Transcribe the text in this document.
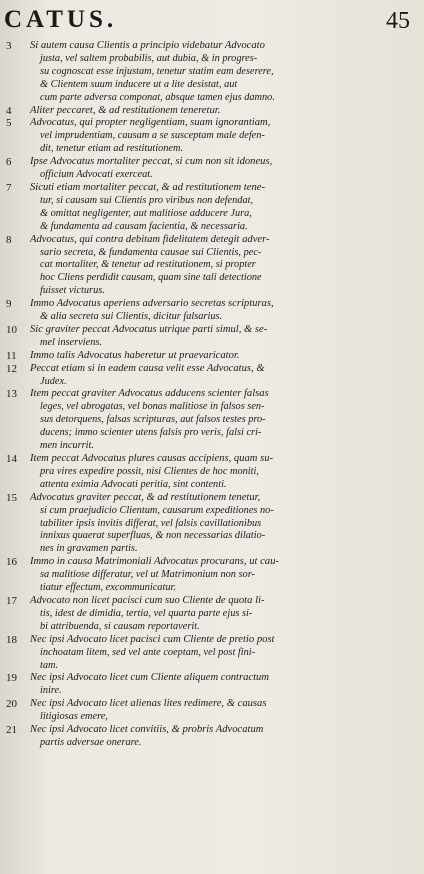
CATUS.	45
3 Si autem causa Clientis a principio videbatur Advocato
justa, vel saltem probabilis, aut dubia, & in progres-
su cognoscat esse injustam, tenetur statim eam deserere,
& Clientem suum inducere ut a lite desistat, aut
cum parte adversa componat, absque tamen ejus damno.
4 Aliter peccaret, & ad restitutionem teneretur.
5 Advocatus, qui propter negligentiam, suam ignorantiam,
vel imprudentiam, causam a se susceptam male defen-
dit, tenetur etiam ad restitutionem.
6 Ipse Advocatus mortaliter peccat, si cum non sit idoneus,
officium Advocati exerceat.
7 Sicuti etiam mortaliter peccat, & ad restitutionem tene-
tur, si causam sui Clientis pro viribus non defendat,
& omittat negligenter, aut malitiose adducere Jura,
& fundamenta ad causam facientia, & necessaria.
8 Advocatus, qui contra debitam fidelitatem detegit adver-
sario secreta, & fundamenta causae sui Clientis, pec-
cat mortaliter, & tenetur ad restitutionem, si propter
hoc Cliens perdidit causam, quam sine tali detectione
fuisset victurus.
9 Immo Advocatus aperiens adversario secretas scripturas,
& alia secreta sui Clientis, dicitur falsarius.
10 Sic graviter peccat Advocatus utrique parti simul, & se-
mel inserviens.
11 Immo talis Advocatus haberetur ut praevaricator.
12 Peccat etiam si in eadem causa velit esse Advocatus, &
Judex.
13 Item peccat graviter Advocatus adducens scienter falsas
leges, vel abrogatas, vel bonas malitiose in falsos sen-
sus detorquens, falsas scripturas, aut falsos testes pro-
ducens; immo scienter utens falsis pro veris, falsi cri-
men incurrit.
14 Item peccat Advocatus plures causas accipiens, quam su-
pra vires expedire possit, nisi Clientes de hoc moniti,
attenta eximia Advocati peritia, sint contenti.
15 Advocatus graviter peccat, & ad restitutionem tenetur,
si cum praejudicio Clientum, causarum expeditiones no-
tabiliter ipsis invitis differat, vel falsis cavillationibus
innixus quaerat superfluas, & non necessarias dilatio-
nes in gravamen partis.
16 Immo in causa Matrimoniali Advocatus procurans, ut cau-
sa malitiose differatur, vel ut Matrimonium non sor-
tiatur effectum, excommunicatur.
17 Advocato non licet pacisci cum suo Cliente de quota li-
tis, idest de dimidia, tertia, vel quarta parte ejus si-
bi attribuenda, si causam reportaverit.
18 Nec ipsi Advocato licet pacisci cum Cliente de pretio post
inchoatam litem, sed vel ante coeptam, vel post fini-
tam.
19 Nec ipsi Advocato licet cum Cliente aliquem contractum
inire.
20 Nec ipsi Advocato licet alienas lites redimere, & causas
litigiosas emere,
21 Nec ipsi Advocato licet convitiis, & probris Advocatum
partis adversae onerare.
